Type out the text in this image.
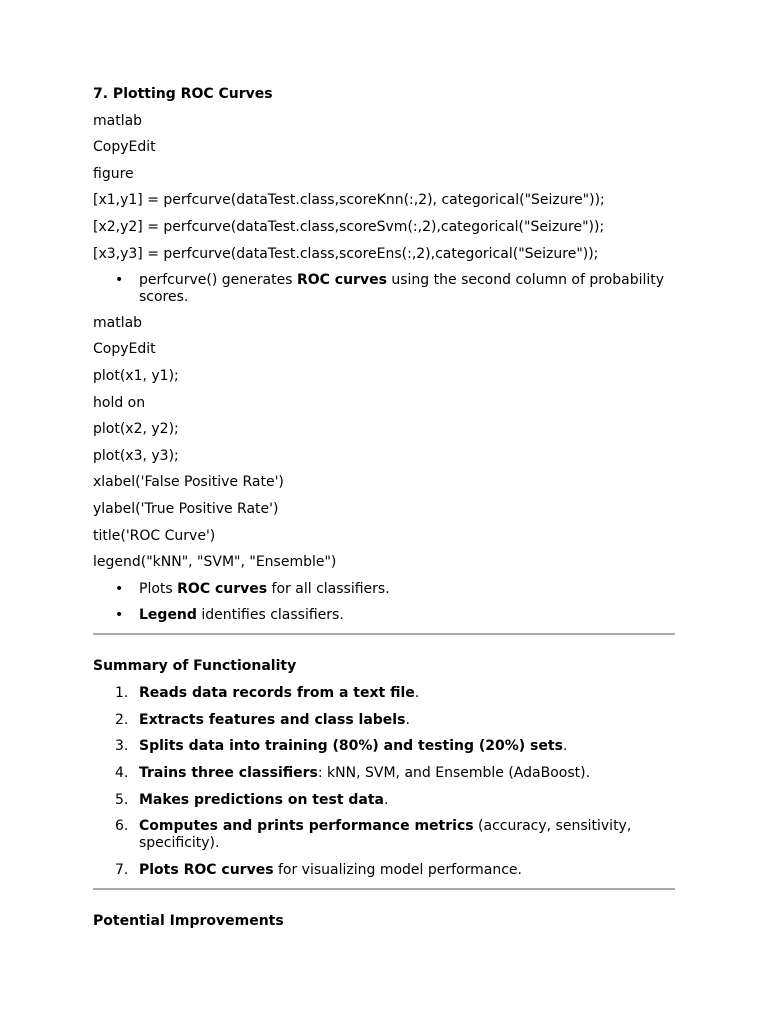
7. Plotting ROC Curves
matlab
CopyEdit
figure
[x1,y1] = perfcurve(dataTest.class,scoreKnn(:,2), categorical("Seizure"));
[x2,y2] = perfcurve(dataTest.class,scoreSvm(:,2),categorical("Seizure"));
[x3,y3] = perfcurve(dataTest.class,scoreEns(:,2),categorical("Seizure"));
• perfcurve() generates ROC curves using the second column of probability scores.
matlab
CopyEdit
plot(x1, y1);
hold on
plot(x2, y2);
plot(x3, y3);
xlabel('False Positive Rate')
ylabel('True Positive Rate')
title('ROC Curve')
legend("kNN", "SVM", "Ensemble")
• Plots ROC curves for all classifiers.
• Legend identifies classifiers.
Summary of Functionality
1. Reads data records from a text file.
2. Extracts features and class labels.
3. Splits data into training (80%) and testing (20%) sets.
4. Trains three classifiers: kNN, SVM, and Ensemble (AdaBoost).
5. Makes predictions on test data.
6. Computes and prints performance metrics (accuracy, sensitivity, specificity).
7. Plots ROC curves for visualizing model performance.
Potential Improvements
